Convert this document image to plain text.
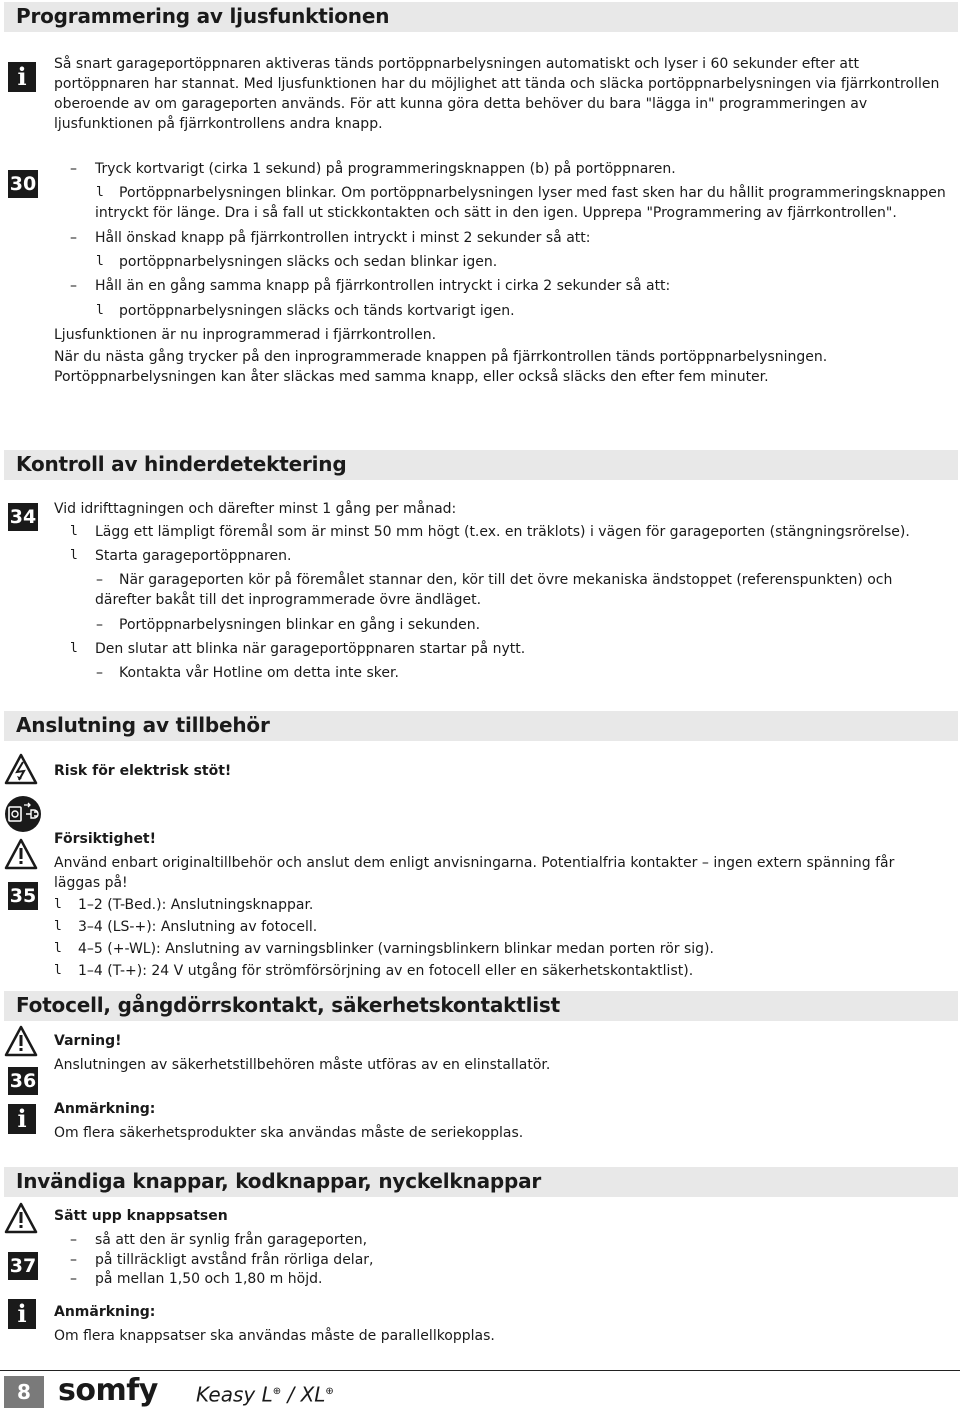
Programmering av ljusfunktionen
i	Så snart garageportöppnaren aktiveras tänds portöppnarbelysningen automatiskt och lyser i 60 sekunder efter att portöppnaren har stannat. Med ljusfunktionen har du möjlighet att tända och släcka portöppnarbelysningen via fjärrkontrollen oberoende av om garageporten används. För att kunna göra detta behöver du bara "lägga in" programmeringen av ljusfunktionen på fjärrkontrollens andra knapp.
30
– Tryck kortvarigt (cirka 1 sekund) på programmeringsknappen (b) på portöppnaren.
l	Portöppnarbelysningen blinkar. Om portöppnarbelysningen lyser med fast sken har du hållit programmeringsknappen intryckt för länge. Dra i så fall ut stickkontakten och sätt in den igen. Upprepa "Programmering av fjärrkontrollen".
– Håll önskad knapp på fjärrkontrollen intryckt i minst 2 sekunder så att:
l portöppnarbelysningen släcks och sedan blinkar igen.
– Håll än en gång samma knapp på fjärrkontrollen intryckt i cirka 2 sekunder så att:
l portöppnarbelysningen släcks och tänds kortvarigt igen.
Ljusfunktionen är nu inprogrammerad i fjärrkontrollen.
När du nästa gång trycker på den inprogrammerade knappen på fjärrkontrollen tänds portöppnarbelysningen. Portöppnarbelysningen kan åter släckas med samma knapp, eller också släcks den efter fem minuter.
Kontroll av hinderdetektering
34 Vid idrifttagningen och därefter minst 1 gång per månad:
l Lägg ett lämpligt föremål som är minst 50 mm högt (t.ex. en träklots) i vägen för garageporten (stängningsrörelse).
l Starta garageportöppnaren.
–	När garageporten kör på föremålet stannar den, kör till det övre mekaniska ändstoppet (referenspunkten) och därefter bakåt till det inprogrammerade övre ändläget.
– Portöppnarbelysningen blinkar en gång i sekunden.
l Den slutar att blinka när garageportöppnaren startar på nytt.
– Kontakta vår Hotline om detta inte sker.
Anslutning av tillbehör
Risk för elektrisk stöt!
Försiktighet!
Använd enbart originaltillbehör och anslut dem enligt anvisningarna. Potentialfria kontakter – ingen extern spänning får läggas på!
35 l 1–2 (T-Bed.): Anslutningsknappar.
l 3–4 (LS-+): Anslutning av fotocell.
l 4–5 (+-WL): Anslutning av varningsblinker (varningsblinkern blinkar medan porten rör sig).
l 1–4 (T-+): 24 V utgång för strömförsörjning av en fotocell eller en säkerhetskontaktlist).
Fotocell, gångdörrskontakt, säkerhetskontaktlist
Varning!
Anslutningen av säkerhetstillbehören måste utföras av en elinstallatör.
36
i	Anmärkning:
Om flera säkerhetsprodukter ska användas måste de seriekopplas.
Invändiga knappar, kodknappar, nyckelknappar
Sätt upp knappsatsen
– så att den är synlig från garageporten,
– på tillräckligt avstånd från rörliga delar,
– på mellan 1,50 och 1,80 m höjd.
37
i	Anmärkning:
Om flera knappsatser ska användas måste de parallellkopplas.
8 somfy Keasy L⊕ / XL⊕
